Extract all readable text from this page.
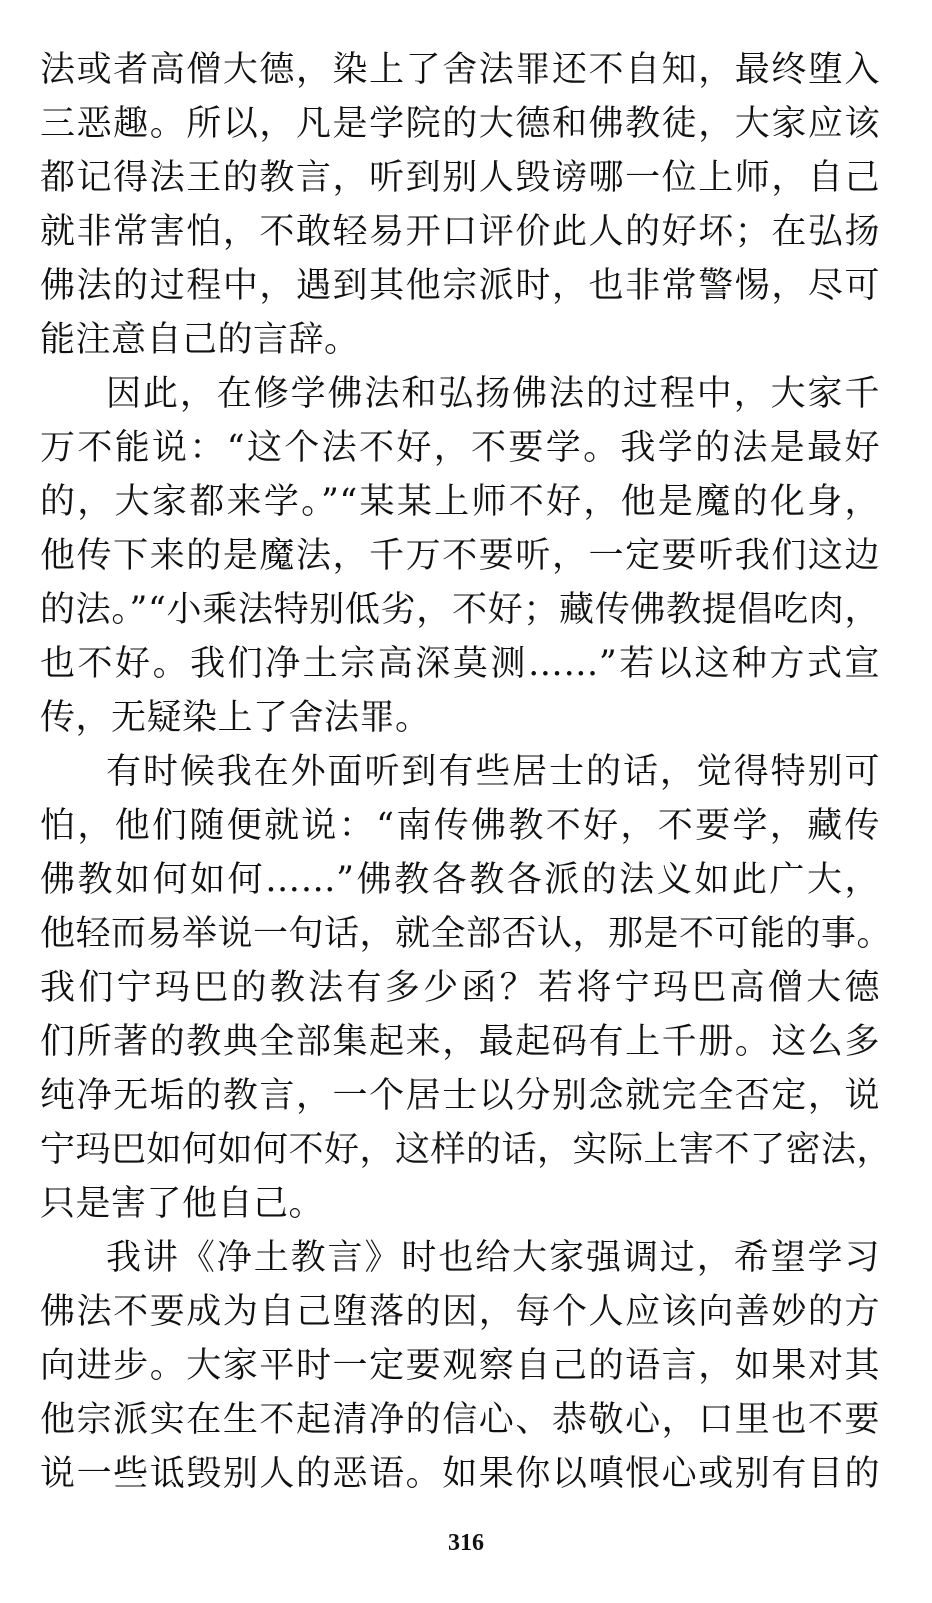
法或者高僧大德，染上了舍法罪还不自知，最终堕入
三恶趣。所以，凡是学院的大德和佛教徒，大家应该
都记得法王的教言，听到别人毁谤哪一位上师，自己
就非常害怕，不敢轻易开口评价此人的好坏；在弘扬
佛法的过程中，遇到其他宗派时，也非常警惕，尽可
能注意自己的言辞。
因此，在修学佛法和弘扬佛法的过程中，大家千
万不能说：“这个法不好，不要学。我学的法是最好
的，大家都来学。”“某某上师不好，他是魔的化身，
他传下来的是魔法，千万不要听，一定要听我们这边
的法。”“小乘法特别低劣，不好；藏传佛教提倡吃肉，
也不好。我们净土宗高深莫测……”若以这种方式宣
传，无疑染上了舍法罪。
有时候我在外面听到有些居士的话，觉得特别可
怕，他们随便就说：“南传佛教不好，不要学，藏传
佛教如何如何……”佛教各教各派的法义如此广大，
他轻而易举说一句话，就全部否认，那是不可能的事。
我们宁玛巴的教法有多少函？若将宁玛巴高僧大德
们所著的教典全部集起来，最起码有上千册。这么多
纯净无垢的教言，一个居士以分别念就完全否定，说
宁玛巴如何如何不好，这样的话，实际上害不了密法，
只是害了他自己。
我讲《净土教言》时也给大家强调过，希望学习
佛法不要成为自己堕落的因，每个人应该向善妙的方
向进步。大家平时一定要观察自己的语言，如果对其
他宗派实在生不起清净的信心、恭敬心，口里也不要
说一些诋毁别人的恶语。如果你以嗔恨心或别有目的
316
